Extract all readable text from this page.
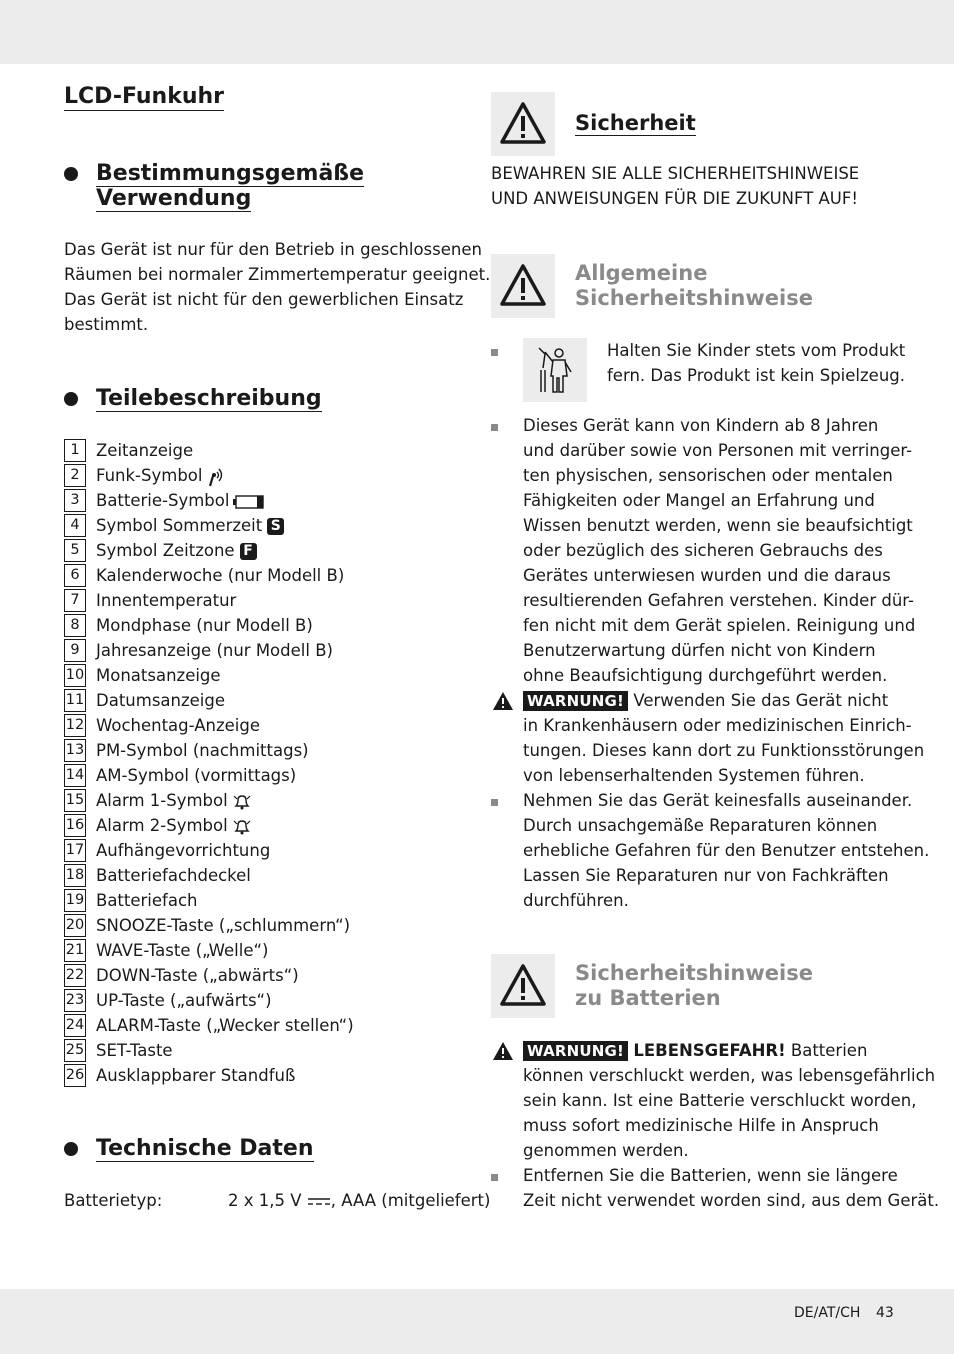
LCD-Funkuhr
Bestimmungsgemäße
Verwendung
Das Gerät ist nur für den Betrieb in geschlossenen
Räumen bei normaler Zimmertemperatur geeignet.
Das Gerät ist nicht für den gewerblichen Einsatz
bestimmt.
Teilebeschreibung
1 Zeitanzeige
2 Funk-Symbol
3 Batterie-Symbol
4 Symbol Sommerzeit S
5 Symbol Zeitzone F
6 Kalenderwoche (nur Modell B)
7 Innentemperatur
8 Mondphase (nur Modell B)
9 Jahresanzeige (nur Modell B)
10 Monatsanzeige
11 Datumsanzeige
12 Wochentag-Anzeige
13 PM-Symbol (nachmittags)
14 AM-Symbol (vormittags)
15 Alarm 1-Symbol
16 Alarm 2-Symbol
17 Aufhängevorrichtung
18 Batteriefachdeckel
19 Batteriefach
20 SNOOZE-Taste („schlummern“)
21 WAVE-Taste („Welle“)
22 DOWN-Taste („abwärts“)
23 UP-Taste („aufwärts“)
24 ALARM-Taste („Wecker stellen“)
25 SET-Taste
26 Ausklappbarer Standfuß
Technische Daten
Batterietyp:	2 x 1,5 V , AAA (mitgeliefert)
Sicherheit
BEWAHREN SIE ALLE SICHERHEITSHINWEISE
UND ANWEISUNGEN FÜR DIE ZUKUNFT AUF!
Allgemeine
Sicherheitshinweise
Halten Sie Kinder stets vom Produkt
fern. Das Produkt ist kein Spielzeug.
Dieses Gerät kann von Kindern ab 8 Jahren
und darüber sowie von Personen mit verringer-
ten physischen, sensorischen oder mentalen
Fähigkeiten oder Mangel an Erfahrung und
Wissen benutzt werden, wenn sie beaufsichtigt
oder bezüglich des sicheren Gebrauchs des
Gerätes unterwiesen wurden und die daraus
resultierenden Gefahren verstehen. Kinder dür-
fen nicht mit dem Gerät spielen. Reinigung und
Benutzerwartung dürfen nicht von Kindern
ohne Beaufsichtigung durchgeführt werden.
WARNUNG! Verwenden Sie das Gerät nicht
in Krankenhäusern oder medizinischen Einrich-
tungen. Dieses kann dort zu Funktionsstörungen
von lebenserhaltenden Systemen führen.
Nehmen Sie das Gerät keinesfalls auseinander.
Durch unsachgemäße Reparaturen können
erhebliche Gefahren für den Benutzer entstehen.
Lassen Sie Reparaturen nur von Fachkräften
durchführen.
Sicherheitshinweise
zu Batterien
WARNUNG! LEBENSGEFAHR! Batterien
können verschluckt werden, was lebensgefährlich
sein kann. Ist eine Batterie verschluckt worden,
muss sofort medizinische Hilfe in Anspruch
genommen werden.
Entfernen Sie die Batterien, wenn sie längere
Zeit nicht verwendet worden sind, aus dem Gerät.
DE/AT/CH 43
